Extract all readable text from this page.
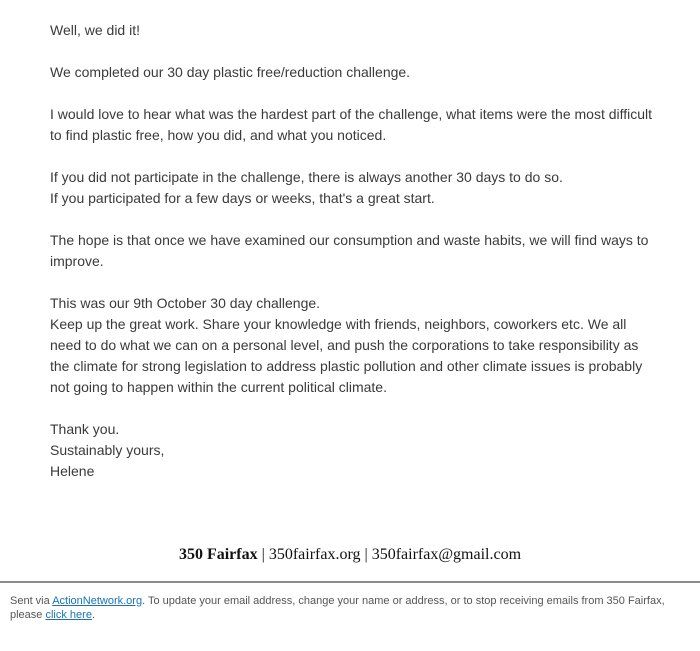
Well, we did it!

We completed our 30 day plastic free/reduction challenge.

I would love to hear what was the hardest part of the challenge, what items were the most difficult to find plastic free, how you did, and what you noticed.

If you did not participate in the challenge, there is always another 30 days to do so.

If you participated for a few days or weeks, that's a great start.

The hope is that once we have examined our consumption and waste habits, we will find ways to improve.

This was our 9th October 30 day challenge.

Keep up the great work. Share your knowledge with friends, neighbors, coworkers etc. We all need to do what we can on a personal level, and push the corporations to take responsibility as the climate for strong legislation to address plastic pollution and other climate issues is probably not going to happen within the current political climate.

Thank you.

Sustainably yours,

Helene

350 Fairfax | 350fairfax.org | 350fairfax@gmail.com
Sent via ActionNetwork.org. To update your email address, change your name or address, or to stop receiving emails from 350 Fairfax, please click here.
